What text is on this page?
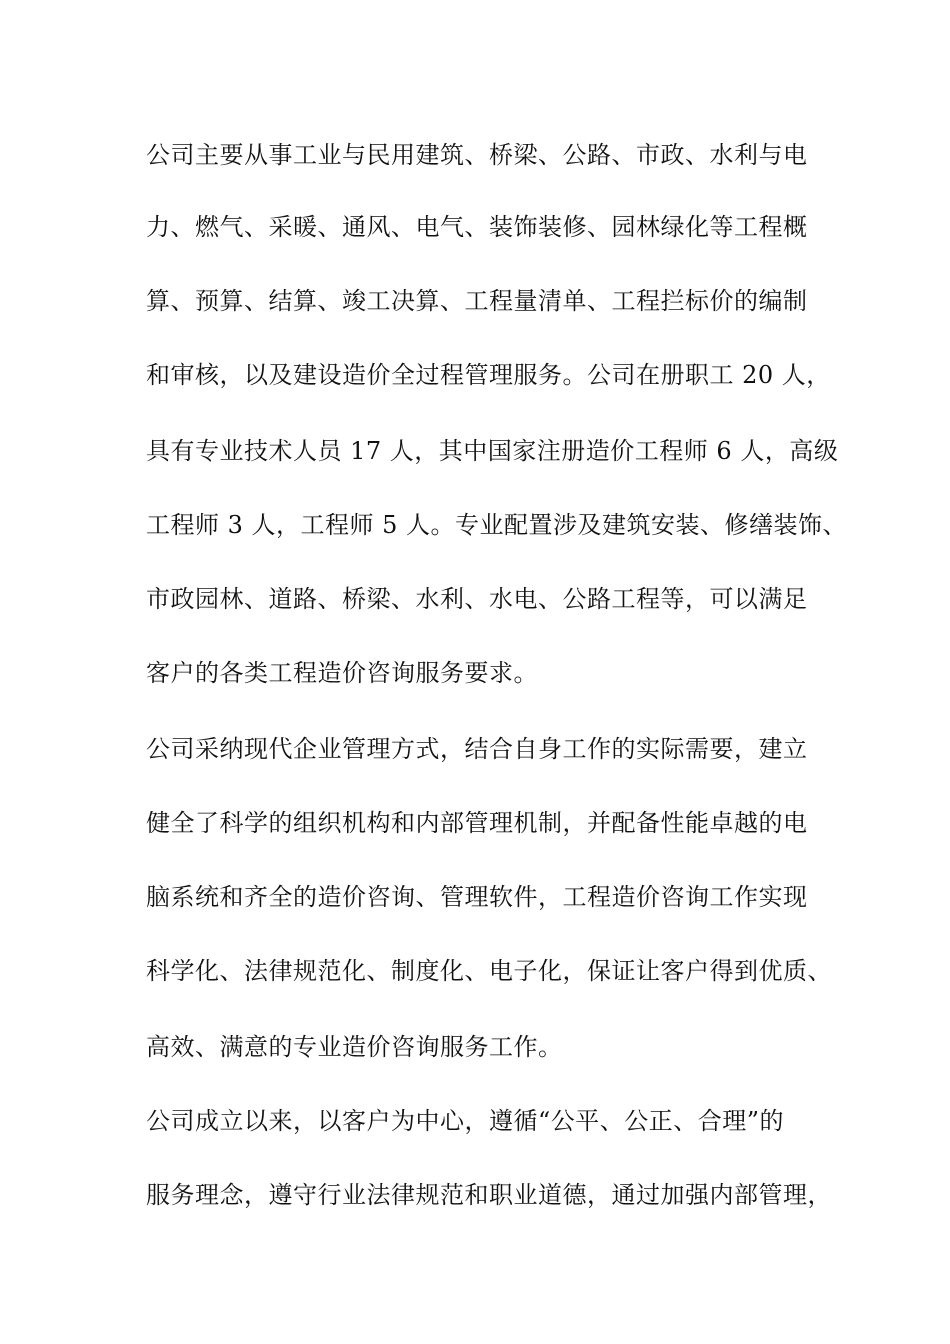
公司主要从事工业与民用建筑、桥梁、公路、市政、水利与电
力、燃气、采暖、通风、电气、装饰装修、园林绿化等工程概
算、预算、结算、竣工决算、工程量清单、工程拦标价的编制
和审核，以及建设造价全过程管理服务。公司在册职工 20 人，
具有专业技术人员 17 人，其中国家注册造价工程师 6 人，高级
工程师 3 人，工程师 5 人。专业配置涉及建筑安装、修缮装饰、
市政园林、道路、桥梁、水利、水电、公路工程等，可以满足
客户的各类工程造价咨询服务要求。
公司采纳现代企业管理方式，结合自身工作的实际需要，建立
健全了科学的组织机构和内部管理机制，并配备性能卓越的电
脑系统和齐全的造价咨询、管理软件，工程造价咨询工作实现
科学化、法律规范化、制度化、电子化，保证让客户得到优质、
高效、满意的专业造价咨询服务工作。
公司成立以来，以客户为中心，遵循“公平、公正、合理”的
服务理念，遵守行业法律规范和职业道德，通过加强内部管理，
